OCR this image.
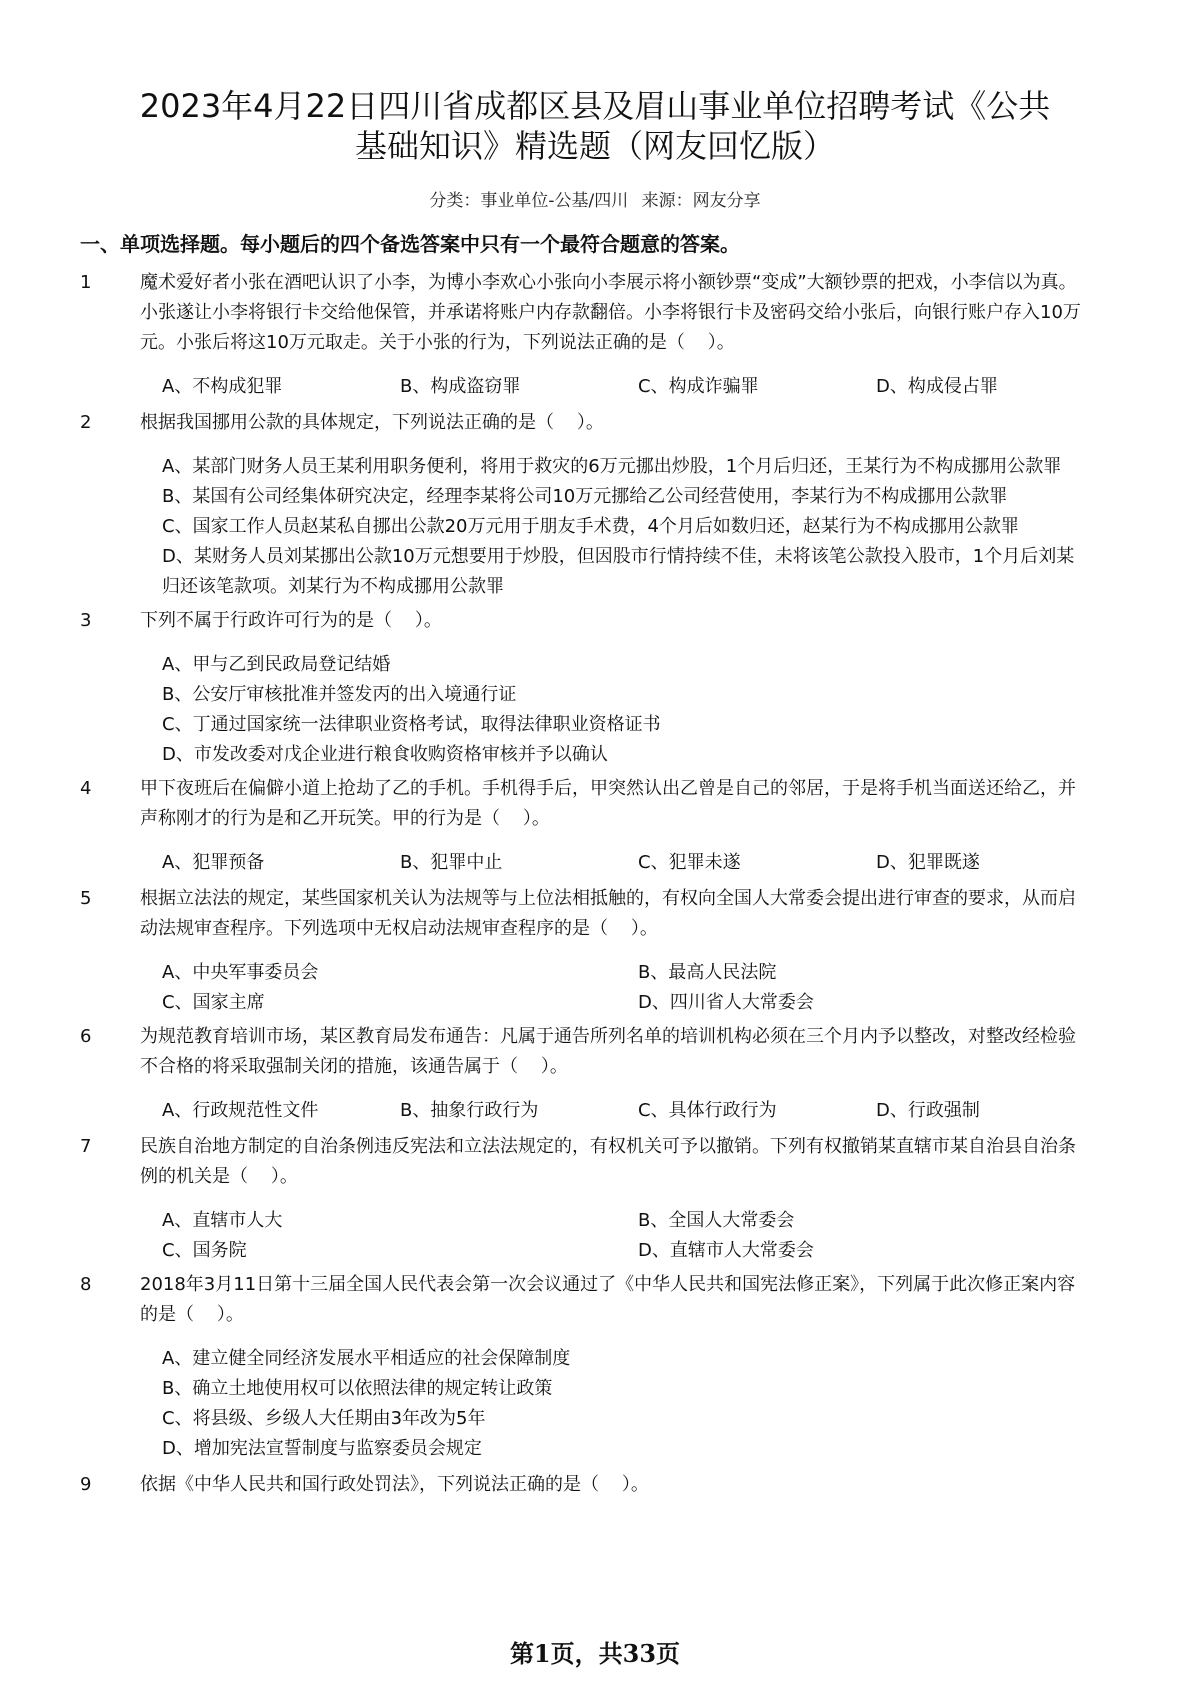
2023年4月22日四川省成都区县及眉山事业单位招聘考试《公共
基础知识》精选题（网友回忆版）
分类：事业单位-公基/四川 来源：网友分享
一、单项选择题。每小题后的四个备选答案中只有一个最符合题意的答案。
1	魔术爱好者小张在酒吧认识了小李，为博小李欢心小张向小李展示将小额钞票“变成”大额钞票的把戏，小李信以为真。小张遂让小李将银行卡交给他保管，并承诺将账户内存款翻倍。小李将银行卡及密码交给小张后，向银行账户存入10万元。小张后将这10万元取走。关于小张的行为，下列说法正确的是（    ）。
A、不构成犯罪	B、构成盗窃罪	C、构成诈骗罪	D、构成侵占罪
2	根据我国挪用公款的具体规定，下列说法正确的是（    ）。
A、某部门财务人员王某利用职务便利，将用于救灾的6万元挪出炒股，1个月后归还，王某行为不构成挪用公款罪
B、某国有公司经集体研究决定，经理李某将公司10万元挪给乙公司经营使用，李某行为不构成挪用公款罪
C、国家工作人员赵某私自挪出公款20万元用于朋友手术费，4个月后如数归还，赵某行为不构成挪用公款罪
D、某财务人员刘某挪出公款10万元想要用于炒股，但因股市行情持续不佳，未将该笔公款投入股市，1个月后刘某归还该笔款项。刘某行为不构成挪用公款罪
3	下列不属于行政许可行为的是（    ）。
A、甲与乙到民政局登记结婚
B、公安厅审核批准并签发丙的出入境通行证
C、丁通过国家统一法律职业资格考试，取得法律职业资格证书
D、市发改委对戊企业进行粮食收购资格审核并予以确认
4	甲下夜班后在偏僻小道上抢劫了乙的手机。手机得手后，甲突然认出乙曾是自己的邻居，于是将手机当面送还给乙，并声称刚才的行为是和乙开玩笑。甲的行为是（    ）。
A、犯罪预备	B、犯罪中止	C、犯罪未遂	D、犯罪既遂
5	根据立法法的规定，某些国家机关认为法规等与上位法相抵触的，有权向全国人大常委会提出进行审查的要求，从而启动法规审查程序。下列选项中无权启动法规审查程序的是（    ）。
A、中央军事委员会	B、最高人民法院
C、国家主席	D、四川省人大常委会
6	为规范教育培训市场，某区教育局发布通告：凡属于通告所列名单的培训机构必须在三个月内予以整改，对整改经检验不合格的将采取强制关闭的措施，该通告属于（    ）。
A、行政规范性文件	B、抽象行政行为	C、具体行政行为	D、行政强制
7	民族自治地方制定的自治条例违反宪法和立法法规定的，有权机关可予以撤销。下列有权撤销某直辖市某自治县自治条例的机关是（    ）。
A、直辖市人大	B、全国人大常委会
C、国务院	D、直辖市人大常委会
8	2018年3月11日第十三届全国人民代表会第一次会议通过了《中华人民共和国宪法修正案》，下列属于此次修正案内容的是（    ）。
A、建立健全同经济发展水平相适应的社会保障制度
B、确立土地使用权可以依照法律的规定转让政策
C、将县级、乡级人大任期由3年改为5年
D、增加宪法宣誓制度与监察委员会规定
9	依据《中华人民共和国行政处罚法》，下列说法正确的是（    ）。
第1页，共33页
